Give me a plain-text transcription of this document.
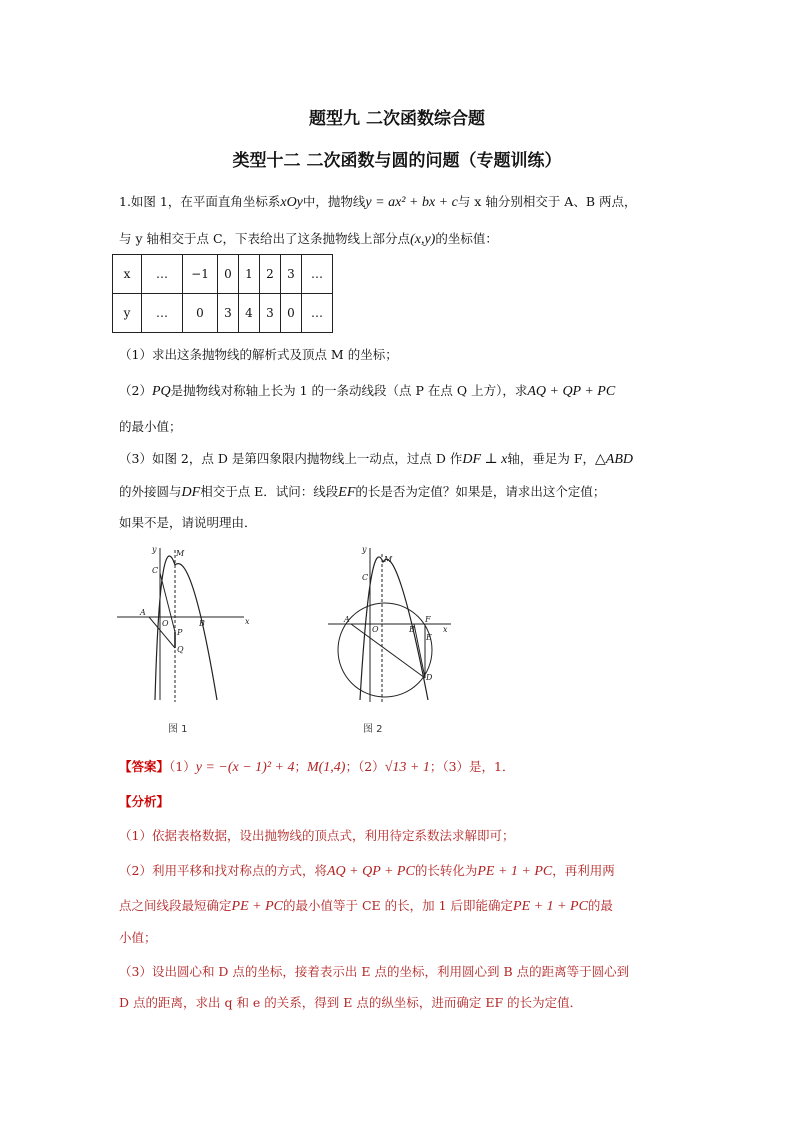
题型九 二次函数综合题
类型十二 二次函数与圆的问题（专题训练）
1.如图 1，在平面直角坐标系xOy中，抛物线y = ax² + bx + c与 x 轴分别相交于 A、B 两点，
与 y 轴相交于点 C，下表给出了这条抛物线上部分点(x,y)的坐标值：
x	…	−1	0	1	2	3	…
y	…	0	3	4	3	0	…
（1）求出这条抛物线的解析式及顶点 M 的坐标；
（2）PQ是抛物线对称轴上长为 1 的一条动线段（点 P 在点 Q 上方），求AQ + QP + PC
的最小值；
（3）如图 2，点 D 是第四象限内抛物线上一动点，过点 D 作DF ⊥ x轴，垂足为 F，△ABD
的外接圆与DF相交于点 E．试问：线段EF的长是否为定值？如果是，请求出这个定值；
如果不是，请说明理由．
y
x
M
C
A
O	B
P
Q
图 1
y
x
M
C
A
O	B
F
E
D
图 2
【答案】（1）y = −(x − 1)² + 4；M(1,4)；（2）√13 + 1；（3）是，1．
【分析】
（1）依据表格数据，设出抛物线的顶点式，利用待定系数法求解即可；
（2）利用平移和找对称点的方式，将AQ + QP + PC的长转化为PE + 1 + PC，再利用两
点之间线段最短确定PE + PC的最小值等于 CE 的长，加 1 后即能确定PE + 1 + PC的最
小值；
（3）设出圆心和 D 点的坐标，接着表示出 E 点的坐标，利用圆心到 B 点的距离等于圆心到
D 点的距离，求出 q 和 e 的关系，得到 E 点的纵坐标，进而确定 EF 的长为定值．
